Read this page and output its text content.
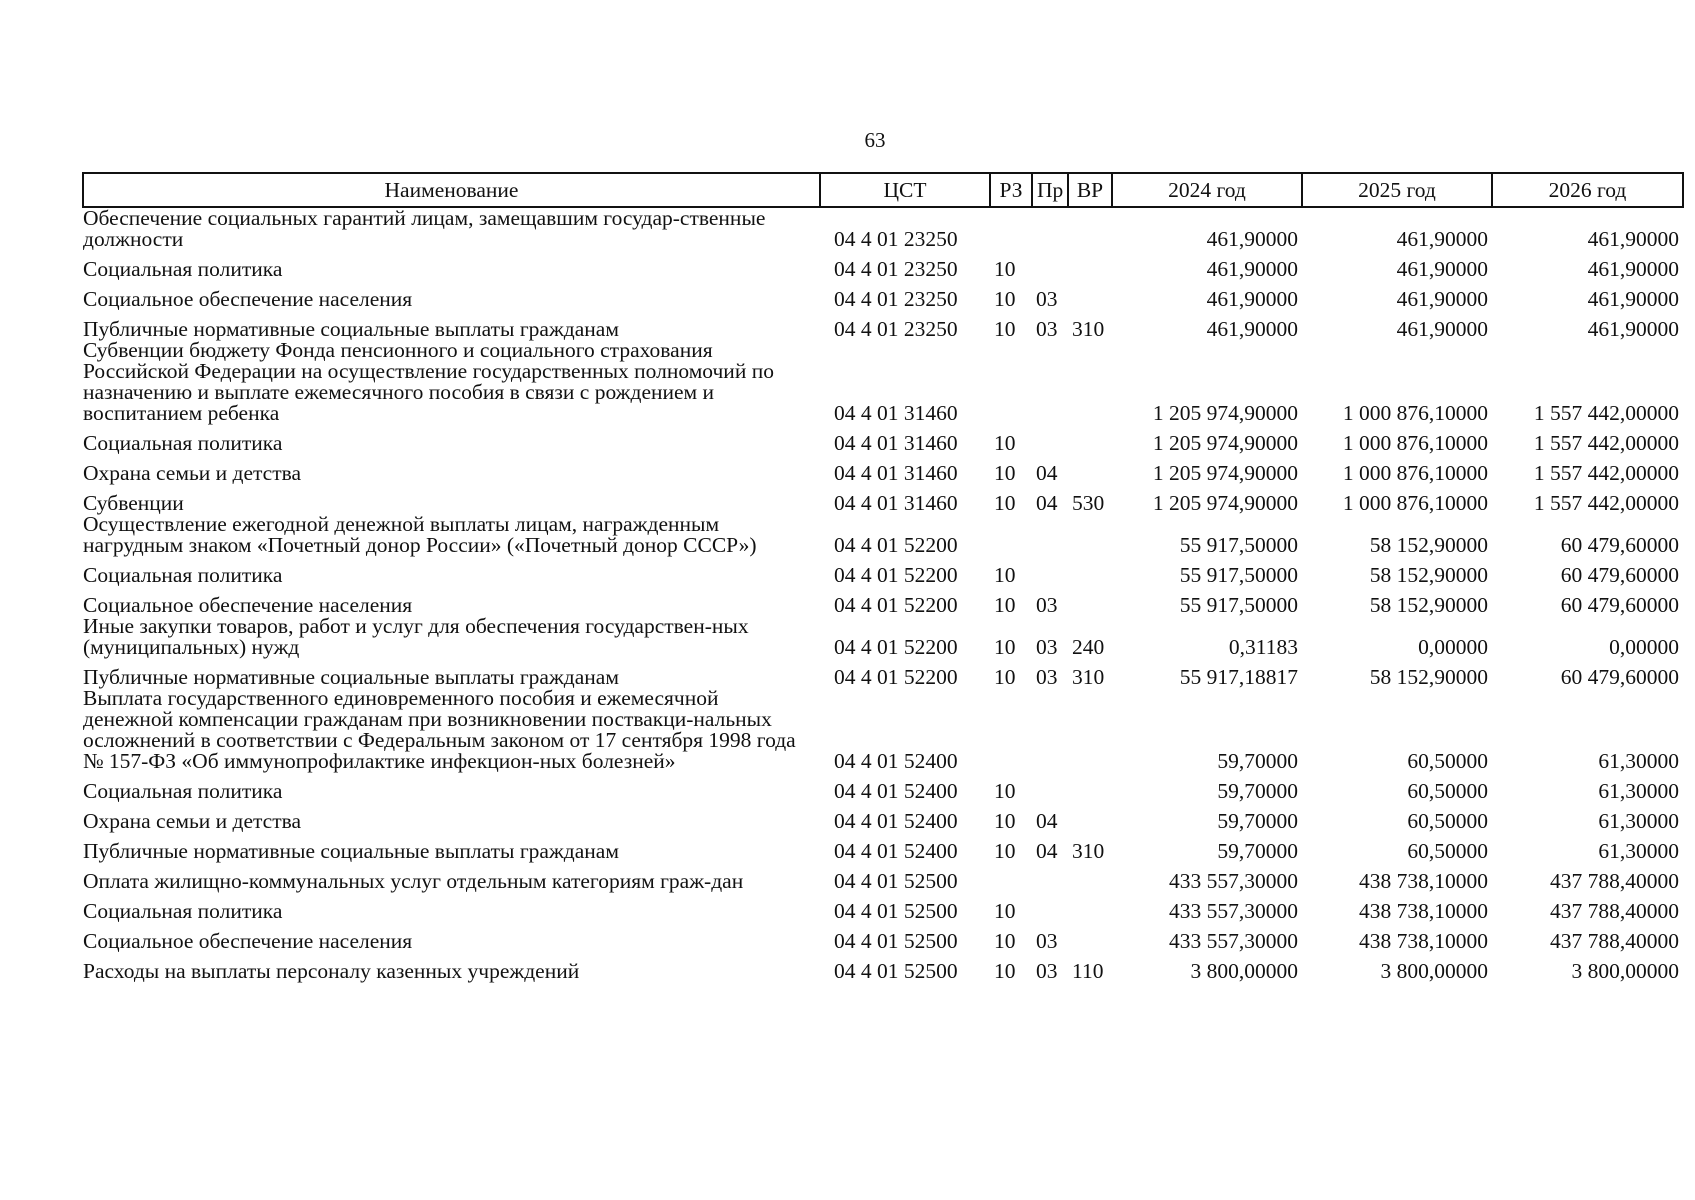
63
Наименование	ЦСТ	РЗ	Пр	ВР	2024 год	2025 год	2026 год
Обеспечение социальных гарантий лицам, замещавшим государ-ственные должности	04 4 01 23250				461,90000	461,90000	461,90000
Социальная политика	04 4 01 23250	10			461,90000	461,90000	461,90000
Социальное обеспечение населения	04 4 01 23250	10	03		461,90000	461,90000	461,90000
Публичные нормативные социальные выплаты гражданам	04 4 01 23250	10	03	310	461,90000	461,90000	461,90000
Субвенции бюджету Фонда пенсионного и социального страхования Российской Федерации на осуществление государственных полномочий по назначению и выплате ежемесячного пособия в связи с рождением и воспитанием ребенка	04 4 01 31460				1 205 974,90000	1 000 876,10000	1 557 442,00000
Социальная политика	04 4 01 31460	10			1 205 974,90000	1 000 876,10000	1 557 442,00000
Охрана семьи и детства	04 4 01 31460	10	04		1 205 974,90000	1 000 876,10000	1 557 442,00000
Субвенции	04 4 01 31460	10	04	530	1 205 974,90000	1 000 876,10000	1 557 442,00000
Осуществление ежегодной денежной выплаты лицам, награжденным нагрудным знаком «Почетный донор России» («Почетный донор СССР»)	04 4 01 52200				55 917,50000	58 152,90000	60 479,60000
Социальная политика	04 4 01 52200	10			55 917,50000	58 152,90000	60 479,60000
Социальное обеспечение населения	04 4 01 52200	10	03		55 917,50000	58 152,90000	60 479,60000
Иные закупки товаров, работ и услуг для обеспечения государствен-ных (муниципальных) нужд	04 4 01 52200	10	03	240	0,31183	0,00000	0,00000
Публичные нормативные социальные выплаты гражданам	04 4 01 52200	10	03	310	55 917,18817	58 152,90000	60 479,60000
Выплата государственного единовременного пособия и ежемесячной денежной компенсации гражданам при возникновении поствакци-нальных осложнений в соответствии с Федеральным законом от 17 сентября 1998 года № 157-ФЗ «Об иммунопрофилактике инфекцион-ных болезней»	04 4 01 52400				59,70000	60,50000	61,30000
Социальная политика	04 4 01 52400	10			59,70000	60,50000	61,30000
Охрана семьи и детства	04 4 01 52400	10	04		59,70000	60,50000	61,30000
Публичные нормативные социальные выплаты гражданам	04 4 01 52400	10	04	310	59,70000	60,50000	61,30000
Оплата жилищно-коммунальных услуг отдельным категориям граж-дан	04 4 01 52500				433 557,30000	438 738,10000	437 788,40000
Социальная политика	04 4 01 52500	10			433 557,30000	438 738,10000	437 788,40000
Социальное обеспечение населения	04 4 01 52500	10	03		433 557,30000	438 738,10000	437 788,40000
Расходы на выплаты персоналу казенных учреждений	04 4 01 52500	10	03	110	3 800,00000	3 800,00000	3 800,00000
